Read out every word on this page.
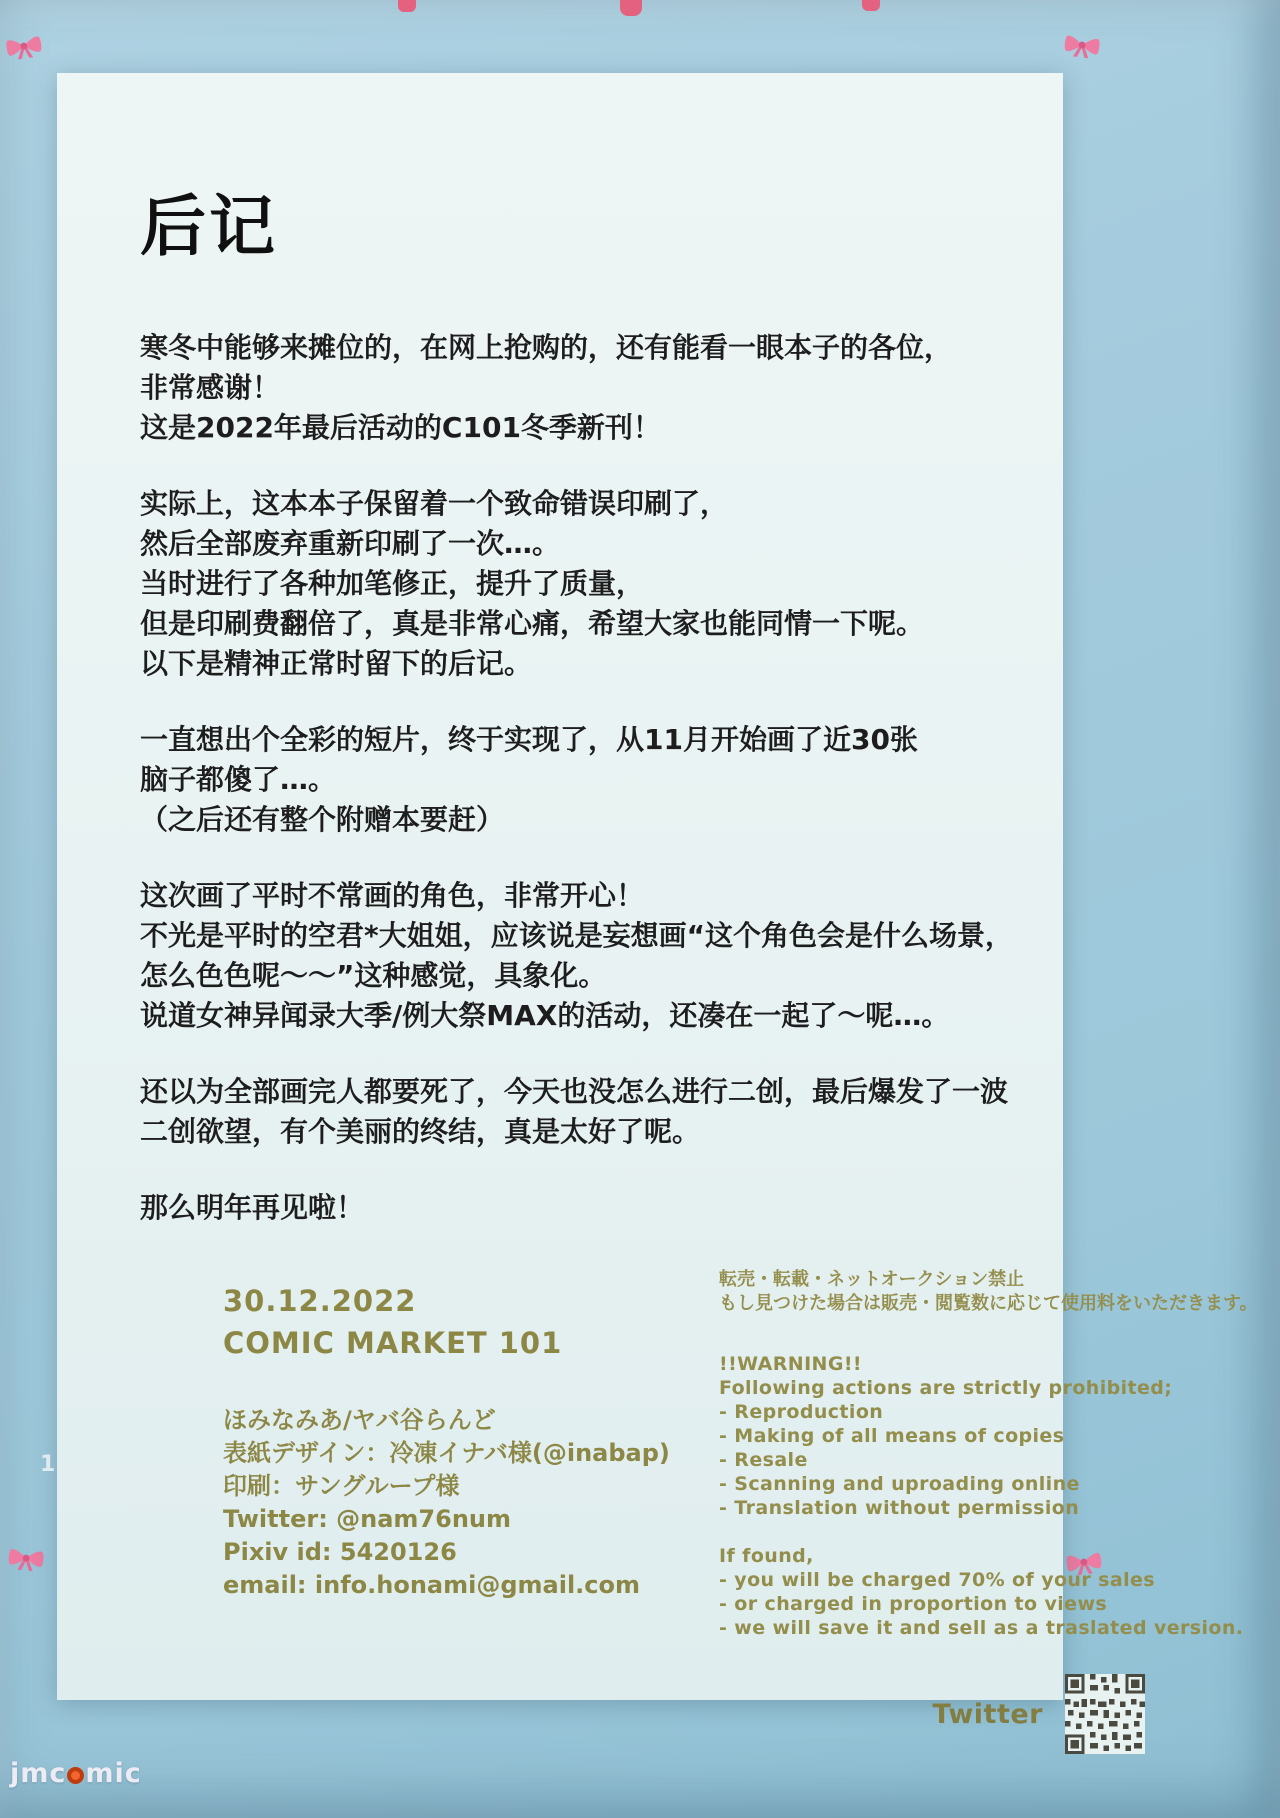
后记
寒冬中能够来摊位的，在网上抢购的，还有能看一眼本子的各位，
非常感谢！
这是2022年最后活动的C101冬季新刊！
实际上，这本本子保留着一个致命错误印刷了，
然后全部废弃重新印刷了一次…。
当时进行了各种加笔修正，提升了质量，
但是印刷费翻倍了，真是非常心痛，希望大家也能同情一下呢。
以下是精神正常时留下的后记。
一直想出个全彩的短片，终于实现了，从11月开始画了近30张
脑子都傻了…。
（之后还有整个附赠本要赶）
这次画了平时不常画的角色，非常开心！
不光是平时的空君*大姐姐，应该说是妄想画“这个角色会是什么场景，
怎么色色呢～～”这种感觉，具象化。
说道女神异闻录大季/例大祭MAX的活动，还凑在一起了～呢…。
还以为全部画完人都要死了，今天也没怎么进行二创，最后爆发了一波
二创欲望，有个美丽的终结，真是太好了呢。
那么明年再见啦！
30.12.2022
COMIC MARKET 101
ほみなみあ/ヤバ谷らんど
表紙デザイン：冷凍イナバ様(@inabap)
印刷：サングループ様
Twitter: @nam76num
Pixiv id: 5420126
email: info.honami@gmail.com
転売・転載・ネットオークション禁止
もし見つけた場合は販売・閲覧数に応じて使用料をいただきます。
!!WARNING!!
Following actions are strictly prohibited;
- Reproduction
- Making of all means of copies
- Resale
- Scanning and uproading online
- Translation without permission
If found,
- you will be charged 70% of your sales
- or charged in proportion to views
- we will save it and sell as a traslated version.
Twitter
1
jmc mic
